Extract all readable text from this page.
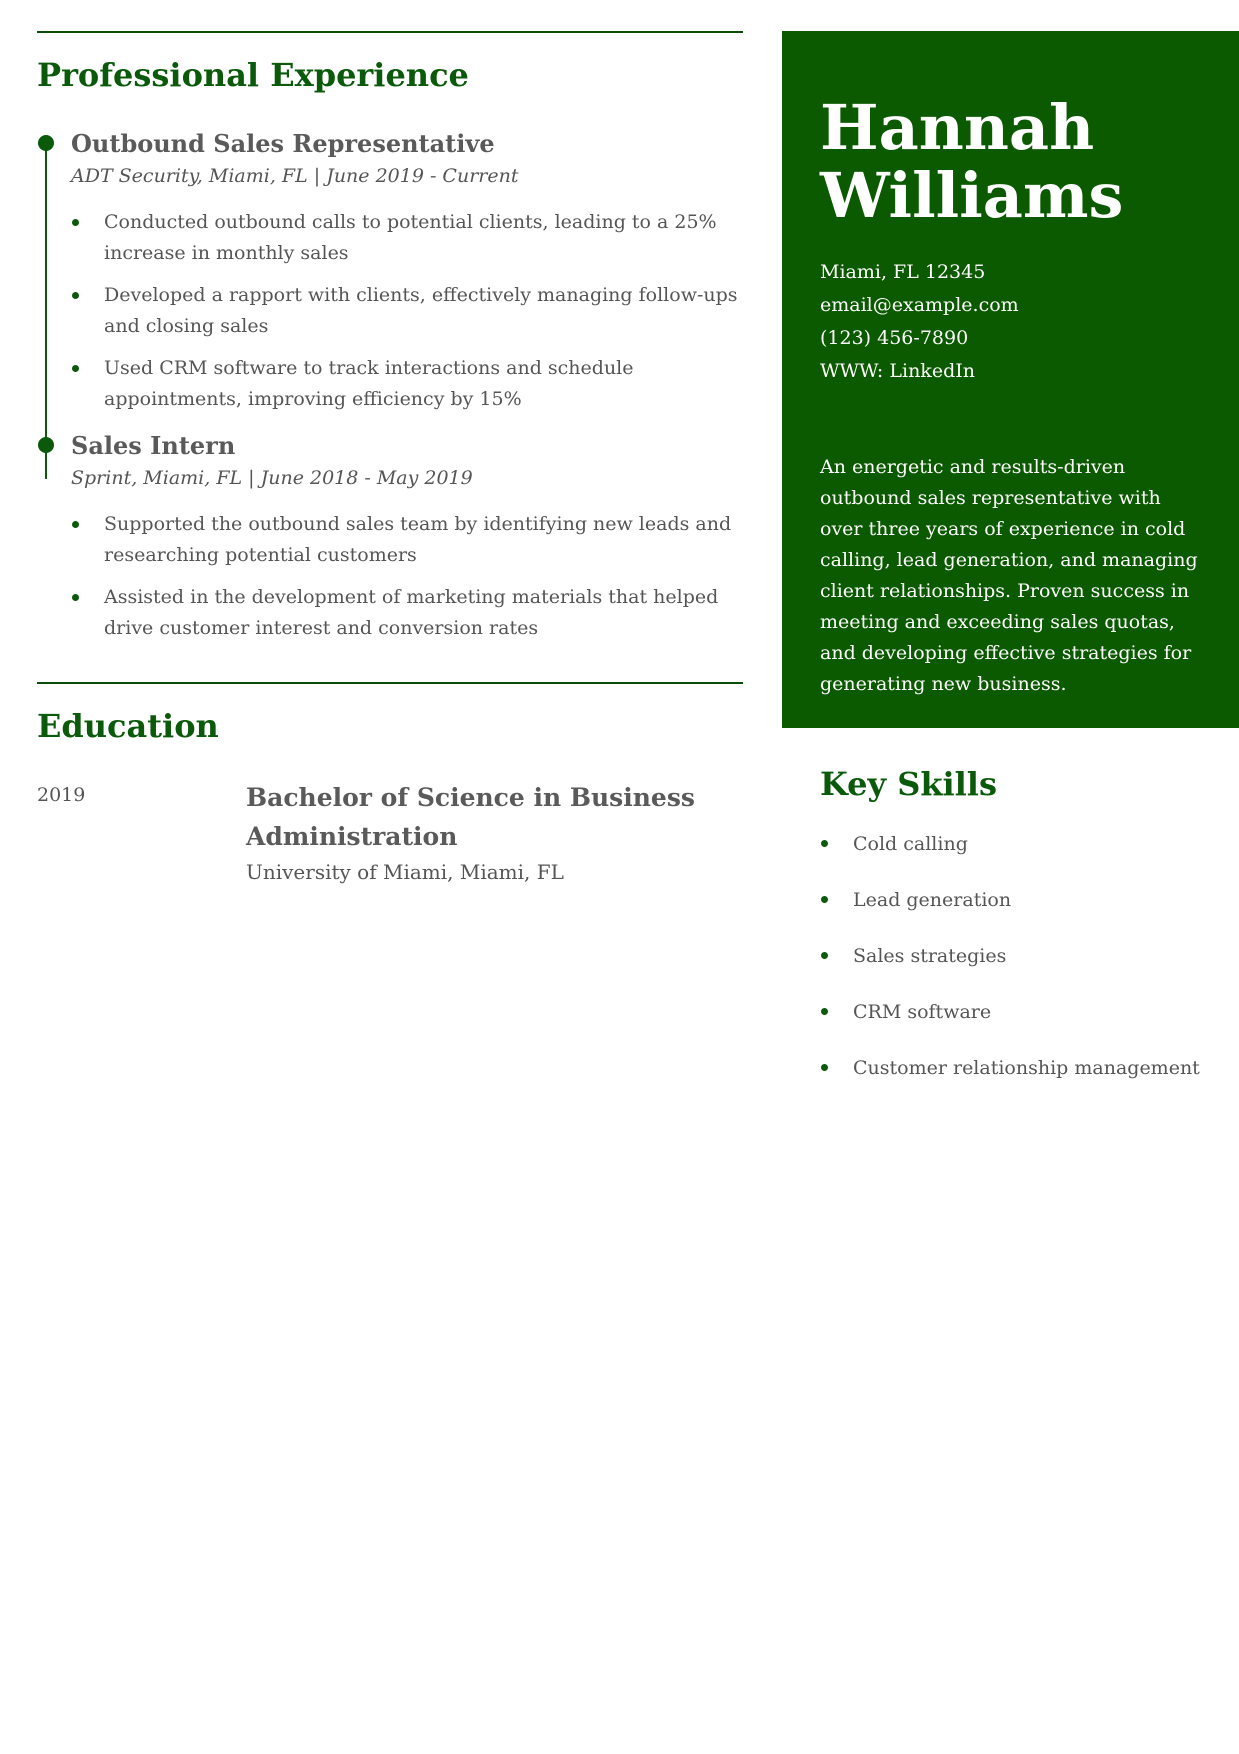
Professional Experience
Outbound Sales Representative
ADT Security, Miami, FL | June 2019 - Current
Conducted outbound calls to potential clients, leading to a 25% increase in monthly sales
Developed a rapport with clients, effectively managing follow-ups and closing sales
Used CRM software to track interactions and schedule appointments, improving efficiency by 15%
Sales Intern
Sprint, Miami, FL | June 2018 - May 2019
Supported the outbound sales team by identifying new leads and researching potential customers
Assisted in the development of marketing materials that helped drive customer interest and conversion rates
Education
2019	Bachelor of Science in Business Administration
University of Miami, Miami, FL
Hannah
Williams
Miami, FL 12345
email@example.com
(123) 456-7890
WWW: LinkedIn
An energetic and results-driven outbound sales representative with over three years of experience in cold calling, lead generation, and managing client relationships. Proven success in meeting and exceeding sales quotas, and developing effective strategies for generating new business.
Key Skills
Cold calling
Lead generation
Sales strategies
CRM software
Customer relationship management
